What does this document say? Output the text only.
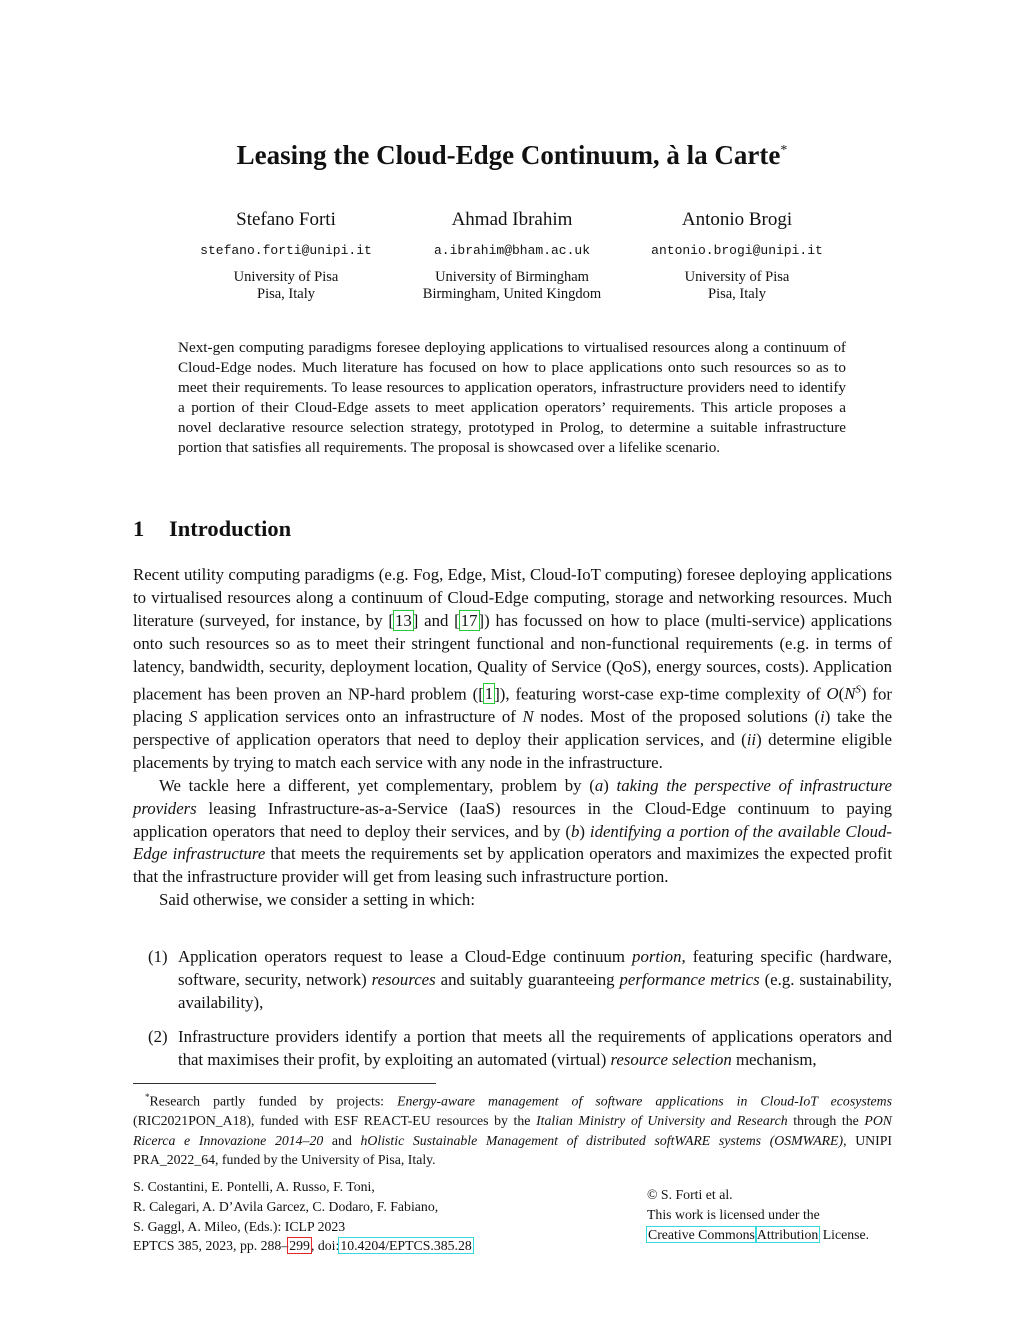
Leasing the Cloud-Edge Continuum, à la Carte*
Stefano Forti
stefano.forti@unipi.it
University of Pisa
Pisa, Italy
Ahmad Ibrahim
a.ibrahim@bham.ac.uk
University of Birmingham
Birmingham, United Kingdom
Antonio Brogi
antonio.brogi@unipi.it
University of Pisa
Pisa, Italy
Next-gen computing paradigms foresee deploying applications to virtualised resources along a continuum of Cloud-Edge nodes. Much literature has focused on how to place applications onto such resources so as to meet their requirements. To lease resources to application operators, infrastructure providers need to identify a portion of their Cloud-Edge assets to meet application operators’ requirements. This article proposes a novel declarative resource selection strategy, prototyped in Prolog, to determine a suitable infrastructure portion that satisfies all requirements. The proposal is showcased over a lifelike scenario.
1 Introduction

Recent utility computing paradigms (e.g. Fog, Edge, Mist, Cloud-IoT computing) foresee deploying applications to virtualised resources along a continuum of Cloud-Edge computing, storage and networking resources. Much literature (surveyed, for instance, by [13] and [17]) has focussed on how to place (multi-service) applications onto such resources so as to meet their stringent functional and non-functional requirements (e.g. in terms of latency, bandwidth, security, deployment location, Quality of Service (QoS), energy sources, costs). Application placement has been proven an NP-hard problem ([1]), featuring worst-case exp-time complexity of $O(N^S)$ for placing S application services onto an infrastructure of N nodes. Most of the proposed solutions (i) take the perspective of application operators that need to deploy their application services, and (ii) determine eligible placements by trying to match each service with any node in the infrastructure.

We tackle here a different, yet complementary, problem by (a) taking the perspective of infrastructure providers leasing Infrastructure-as-a-Service (IaaS) resources in the Cloud-Edge continuum to paying application operators that need to deploy their services, and by (b) identifying a portion of the available Cloud-Edge infrastructure that meets the requirements set by application operators and maximizes the expected profit that the infrastructure provider will get from leasing such infrastructure portion.

Said otherwise, we consider a setting in which:

(1) Application operators request to lease a Cloud-Edge continuum portion, featuring specific (hardware, software, security, network) resources and suitably guaranteeing performance metrics (e.g. sustainability, availability),
(2) Infrastructure providers identify a portion that meets all the requirements of applications operators and that maximises their profit, by exploiting an automated (virtual) resource selection mechanism,
*Research partly funded by projects: Energy-aware management of software applications in Cloud-IoT ecosystems (RIC2021PON_A18), funded with ESF REACT-EU resources by the Italian Ministry of University and Research through the PON Ricerca e Innovazione 2014–20 and hOlistic Sustainable Management of distributed softWARE systems (OSMWARE), UNIPI PRA_2022_64, funded by the University of Pisa, Italy.
S. Costantini, E. Pontelli, A. Russo, F. Toni,
R. Calegari, A. D’Avila Garcez, C. Dodaro, F. Fabiano,
S. Gaggl, A. Mileo, (Eds.): ICLP 2023
EPTCS 385, 2023, pp. 288–299, doi:10.4204/EPTCS.385.28
© S. Forti et al.
This work is licensed under the
Creative Commons Attribution License.
